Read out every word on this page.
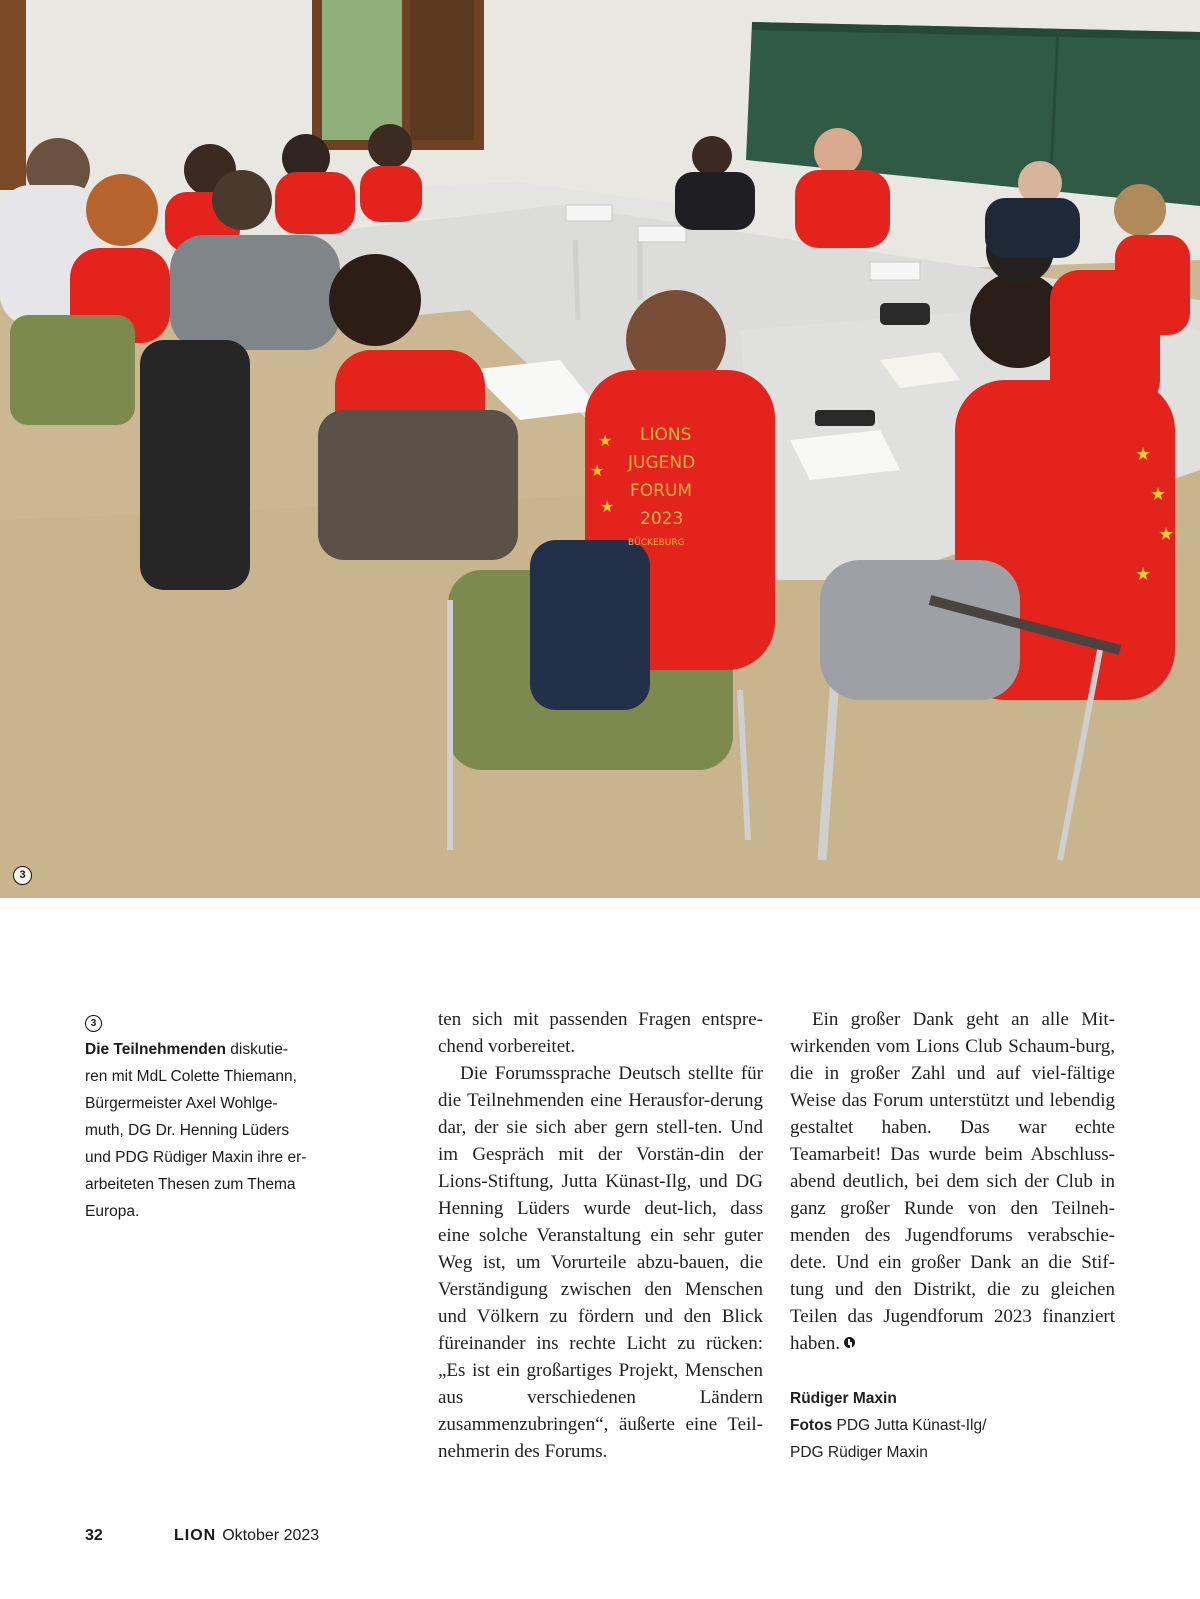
LIONS
JUGEND
FORUM
2023
BÜCKEBURG
★
★
★
★
★
★
★
3
3

Die Teilnehmenden diskutie-
ren mit MdL Colette Thiemann,
Bürgermeister Axel Wohlge-
muth, DG Dr. Henning Lüders
und PDG Rüdiger Maxin ihre er-
arbeiteten Thesen zum Thema
Europa.

ten sich mit passenden Fragen entspre-chend vorbereitet.

Die Forumssprache Deutsch stellte für die Teilnehmenden eine Herausfor-derung dar, der sie sich aber gern stell-ten. Und im Gespräch mit der Vorstän-din der Lions-Stiftung, Jutta Künast-Ilg, und DG Henning Lüders wurde deut-lich, dass eine solche Veranstaltung ein sehr guter Weg ist, um Vorurteile abzu-bauen, die Verständigung zwischen den Menschen und Völkern zu fördern und den Blick füreinander ins rechte Licht zu rücken: „Es ist ein großartiges Projekt, Menschen aus verschiedenen Ländern zusammenzubringen“, äußerte eine Teil-nehmerin des Forums.

Ein großer Dank geht an alle Mit-wirkenden vom Lions Club Schaum-burg, die in großer Zahl und auf viel-fältige Weise das Forum unterstützt und lebendig gestaltet haben. Das war echte Teamarbeit! Das wurde beim Abschluss-abend deutlich, bei dem sich der Club in ganz großer Runde von den Teilneh-menden des Jugendforums verabschie-dete. Und ein großer Dank an die Stif-tung und den Distrikt, die zu gleichen Teilen das Jugendforum 2023 finanziert haben.

Rüdiger Maxin
Fotos PDG Jutta Künast-Ilg/
PDG Rüdiger Maxin
32	LION Oktober 2023
